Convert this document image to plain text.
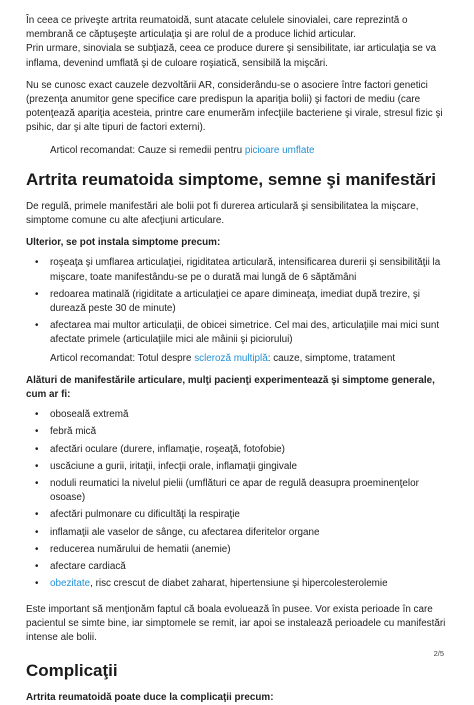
În ceea ce priveşte artrita reumatoidă, sunt atacate celulele sinovialei, care reprezintă o membrană ce căptuşeşte articulaţia şi are rolul de a produce lichid articular.

Prin urmare, sinoviala se subţiază, ceea ce produce durere şi sensibilitate, iar articulaţia se va inflama, devenind umflată şi de culoare roşiatică, sensibilă la mişcări.

Nu se cunosc exact cauzele dezvoltării AR, considerându-se o asociere între factori genetici (prezenţa anumitor gene specifice care predispun la apariţia bolii) şi factori de mediu (care potenţează apariţia acesteia, printre care enumerăm infecţiile bacteriene şi virale, stresul fizic şi psihic, dar şi alte tipuri de factori externi).

Articol recomandat: Cauze si remedii pentru picioare umflate

Artrita reumatoida simptome, semne şi manifestări

De regulă, primele manifestări ale bolii pot fi durerea articulară şi sensibilitatea la mişcare, simptome comune cu alte afecţiuni articulare.

Ulterior, se pot instala simptome precum:

• roşeaţa şi umflarea articulaţiei, rigiditatea articulară, intensificarea durerii şi sensibilităţii la mişcare, toate manifestându-se pe o durată mai lungă de 6 săptămâni
• redoarea matinală (rigiditate a articulaţiei ce apare dimineaţa, imediat după trezire, şi durează peste 30 de minute)
• afectarea mai multor articulaţii, de obicei simetrice. Cel mai des, articulaţiile mai mici sunt afectate primele (articulaţiile mici ale mâinii şi piciorului)

Articol recomandat: Totul despre scleroză multiplă: cauze, simptome, tratament

Alături de manifestările articulare, mulţi pacienţi experimentează şi simptome generale, cum ar fi:

• oboseală extremă
• febră mică
• afectări oculare (durere, inflamaţie, roşeaţă, fotofobie)
• uscăciune a gurii, iritaţii, infecţii orale, inflamaţii gingivale
• noduli reumatici la nivelul pielii (umflături ce apar de regulă deasupra proeminenţelor osoase)
• afectări pulmonare cu dificultăţi la respiraţie
• inflamaţii ale vaselor de sânge, cu afectarea diferitelor organe
• reducerea numărului de hematii (anemie)
• afectare cardiacă
• obezitate, risc crescut de diabet zaharat, hipertensiune şi hipercolesterolemie

Este important să menţionăm faptul că boala evoluează în pusee. Vor exista perioade în care pacientul se simte bine, iar simptomele se remit, iar apoi se instalează perioadele cu manifestări intense ale bolii.

Complicaţii

Artrita reumatoidă poate duce la complicaţii precum:

2/5
